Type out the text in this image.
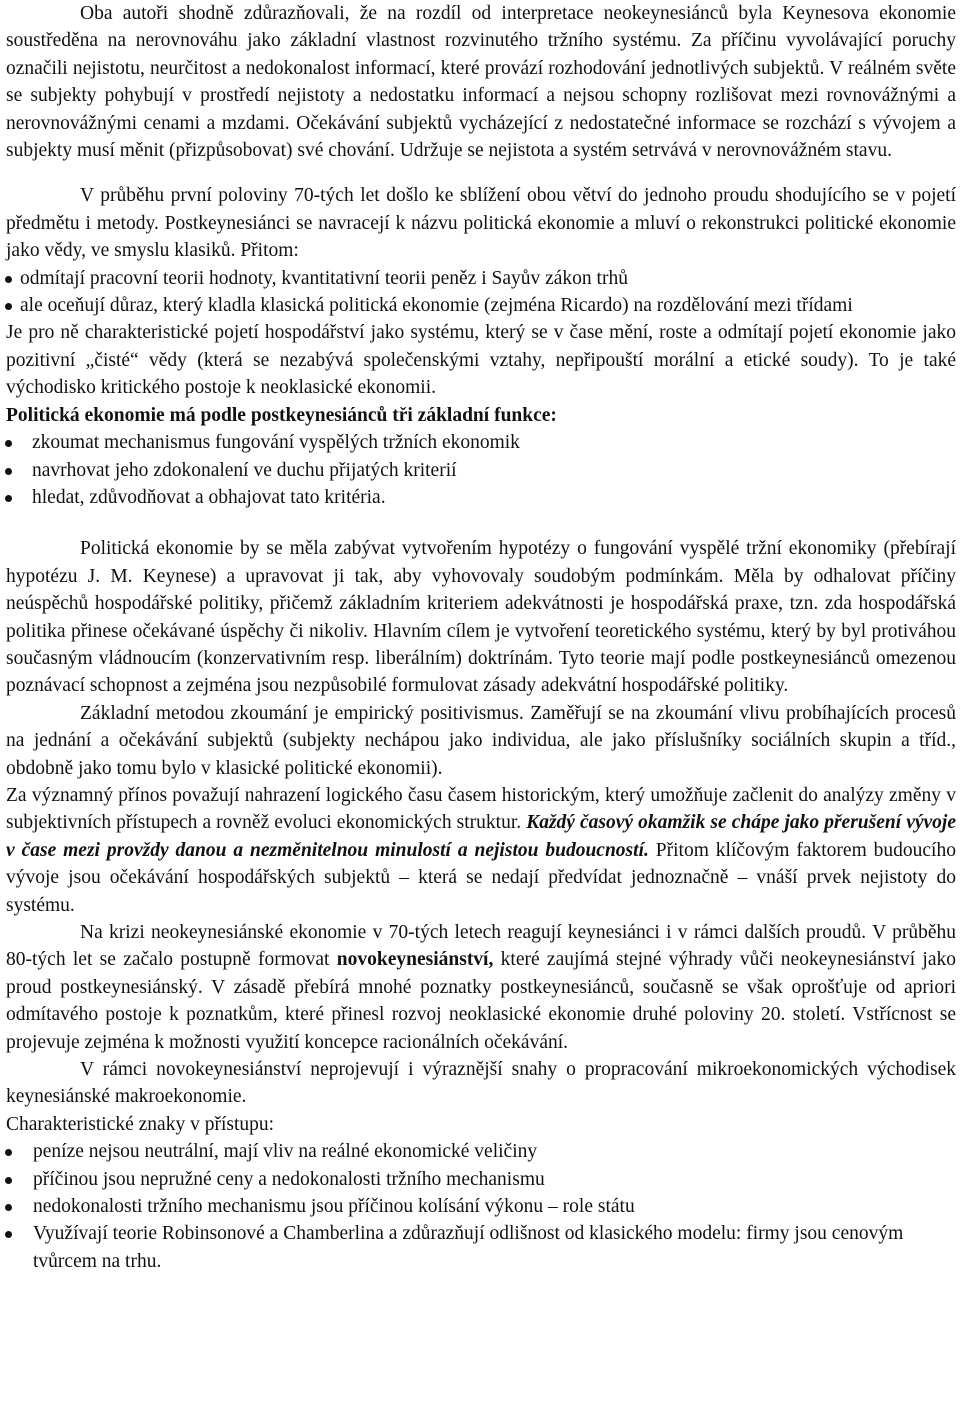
Oba autoři shodně zdůrazňovali, že na rozdíl od interpretace neokeynesiánců byla Keynesova ekonomie soustředěna na nerovnováhu jako základní vlastnost rozvinutého tržního systému. Za příčinu vyvolávající poruchy označili nejistotu, neurčitost a nedokonalost informací, které provází rozhodování jednotlivých subjektů. V reálném světe se subjekty pohybují v prostředí nejistoty a nedostatku informací a nejsou schopny rozlišovat mezi rovnovážnými a nerovnovážnými cenami a mzdami. Očekávání subjektů vycházející z nedostatečné informace se rozchází s vývojem a subjekty musí měnit (přizpůsobovat) své chování. Udržuje se nejistota a systém setrvává v nerovnovážném stavu.

V průběhu první poloviny 70-tých let došlo ke sblížení obou větví do jednoho proudu shodujícího se v pojetí předmětu i metody. Postkeynesiánci se navracejí k názvu politická ekonomie a mluví o rekonstrukci politické ekonomie jako vědy, ve smyslu klasiků. Přitom:

odmítají pracovní teorii hodnoty, kvantitativní teorii peněz i Sayův zákon trhů
ale oceňují důraz, který kladla klasická politická ekonomie (zejména Ricardo) na rozdělování mezi třídami

Je pro ně charakteristické pojetí hospodářství jako systému, který se v čase mění, roste a odmítají pojetí ekonomie jako pozitivní „čisté“ vědy (která se nezabývá společenskými vztahy, nepřipouští morální a etické soudy). To je také východisko kritického postoje k neoklasické ekonomii.

Politická ekonomie má podle postkeynesiánců tři základní funkce:

zkoumat mechanismus fungování vyspělých tržních ekonomik
navrhovat jeho zdokonalení ve duchu přijatých kriterií
hledat, zdůvodňovat a obhajovat tato kritéria.

Politická ekonomie by se měla zabývat vytvořením hypotézy o fungování vyspělé tržní ekonomiky (přebírají hypotézu J. M. Keynese) a upravovat ji tak, aby vyhovovaly soudobým podmínkám. Měla by odhalovat příčiny neúspěchů hospodářské politiky, přičemž základním kriteriem adekvátnosti je hospodářská praxe, tzn. zda hospodářská politika přinese očekávané úspěchy či nikoliv. Hlavním cílem je vytvoření teoretického systému, který by byl protiváhou současným vládnoucím (konzervativním resp. liberálním) doktrínám. Tyto teorie mají podle postkeynesiánců omezenou poznávací schopnost a zejména jsou nezpůsobilé formulovat zásady adekvátní hospodářské politiky.

Základní metodou zkoumání je empirický positivismus. Zaměřují se na zkoumání vlivu probíhajících procesů na jednání a očekávání subjektů (subjekty nechápou jako individua, ale jako příslušníky sociálních skupin a tříd., obdobně jako tomu bylo v klasické politické ekonomii).

Za významný přínos považují nahrazení logického času časem historickým, který umožňuje začlenit do analýzy změny v subjektivních přístupech a rovněž evoluci ekonomických struktur. Každý časový okamžik se chápe jako přerušení vývoje v čase mezi provždy danou a nezměnitelnou minulostí a nejistou budoucností. Přitom klíčovým faktorem budoucího vývoje jsou očekávání hospodářských subjektů – která se nedají předvídat jednoznačně – vnáší prvek nejistoty do systému.

Na krizi neokeynesiánské ekonomie v 70-tých letech reagují keynesiánci i v rámci dalších proudů. V průběhu 80-tých let se začalo postupně formovat novokeynesiánství, které zaujímá stejné výhrady vůči neokeynesiánství jako proud postkeynesiánský. V zásadě přebírá mnohé poznatky postkeynesiánců, současně se však oprošťuje od apriori odmítavého postoje k poznatkům, které přinesl rozvoj neoklasické ekonomie druhé poloviny 20. století. Vstřícnost se projevuje zejména k možnosti využití koncepce racionálních očekávání.

V rámci novokeynesiánství neprojevují i výraznější snahy o propracování mikroekonomických východisek keynesiánské makroekonomie.

Charakteristické znaky v přístupu:

peníze nejsou neutrální, mají vliv na reálné ekonomické veličiny
příčinou jsou nepružné ceny a nedokonalosti tržního mechanismu
nedokonalosti tržního mechanismu jsou příčinou kolísání výkonu – role státu
Využívají teorie Robinsonové a Chamberlina a zdůrazňují odlišnost od klasického modelu: firmy jsou cenovým tvůrcem na trhu.
